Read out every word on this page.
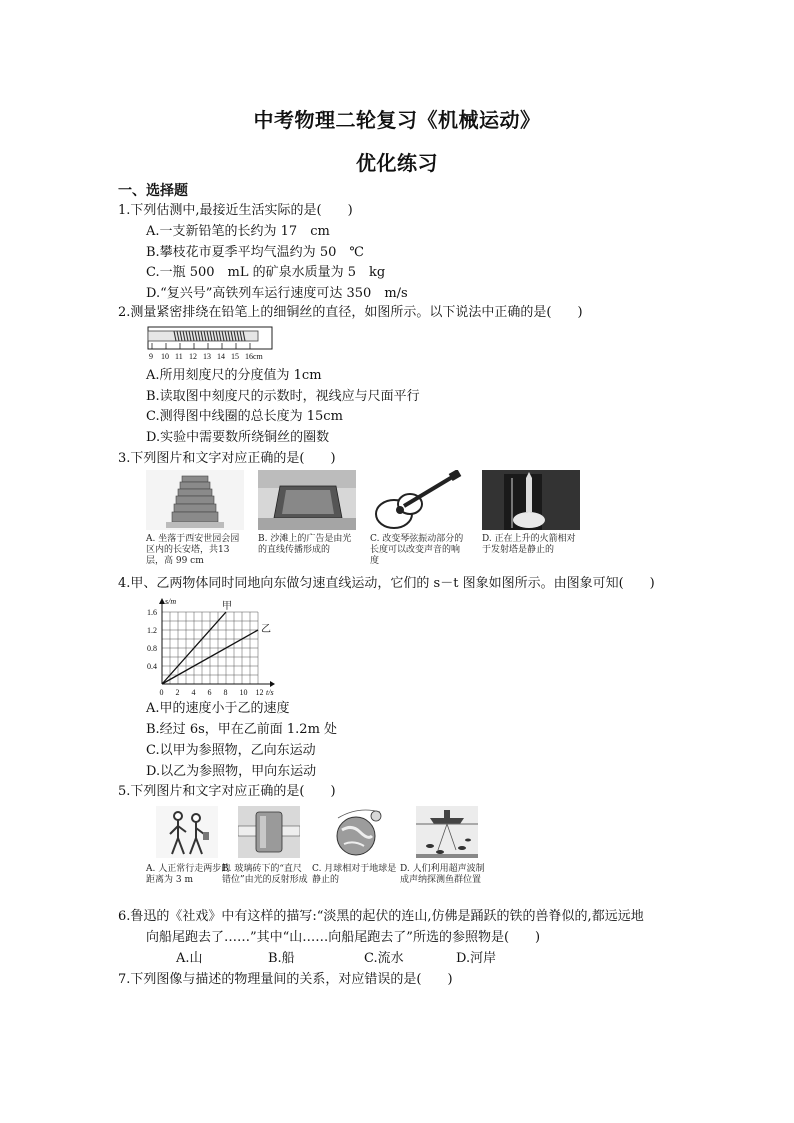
中考物理二轮复习《机械运动》
优化练习
一、选择题
1.下列估测中,最接近生活实际的是(　　)
A.一支新铅笔的长约为 17　cm
B.攀枝花市夏季平均气温约为 50　℃
C.一瓶 500　mL 的矿泉水质量为 5　kg
D.“复兴号”高铁列车运行速度可达 350　m/s
2.测量紧密排绕在铅笔上的细铜丝的直径，如图所示。以下说法中正确的是(　　)
9 10 11 12 13 14 15 16cm
A.所用刻度尺的分度值为 1cm
B.读取图中刻度尺的示数时，视线应与尺面平行
C.测得图中线圈的总长度为 15cm
D.实验中需要数所绕铜丝的圈数
3.下列图片和文字对应正确的是(　　)
A. 坐落于西安世园会园区内的长安塔，共13层，高 99 cm
B. 沙滩上的广告是由光的直线传播形成的
C. 改变琴弦振动部分的长度可以改变声音的响度
D. 正在上升的火箭相对于发射塔是静止的
4.甲、乙两物体同时同地向东做匀速直线运动，它们的 s－t 图象如图所示。由图象可知(　　)
0 2 4 6 8 10 12
0.4
0.8
1.2
1.6
t/s
s/m	甲
乙
A.甲的速度小于乙的速度
B.经过 6s，甲在乙前面 1.2m 处
C.以甲为参照物，乙向东运动
D.以乙为参照物，甲向东运动
5.下列图片和文字对应正确的是(　　)
A. 人正常行走两步的距离为 3 m
B. 玻璃砖下的“直尺错位”由光的反射形成
C. 月球相对于地球是静止的
D. 人们利用超声波制成声纳探测鱼群位置
6.鲁迅的《社戏》中有这样的描写:“淡黑的起伏的连山,仿佛是踊跃的铁的兽脊似的,都远远地
向船尾跑去了……”其中“山……向船尾跑去了”所选的参照物是(　　)
A.山	B.船	C.流水	D.河岸
7.下列图像与描述的物理量间的关系，对应错误的是(　　)
